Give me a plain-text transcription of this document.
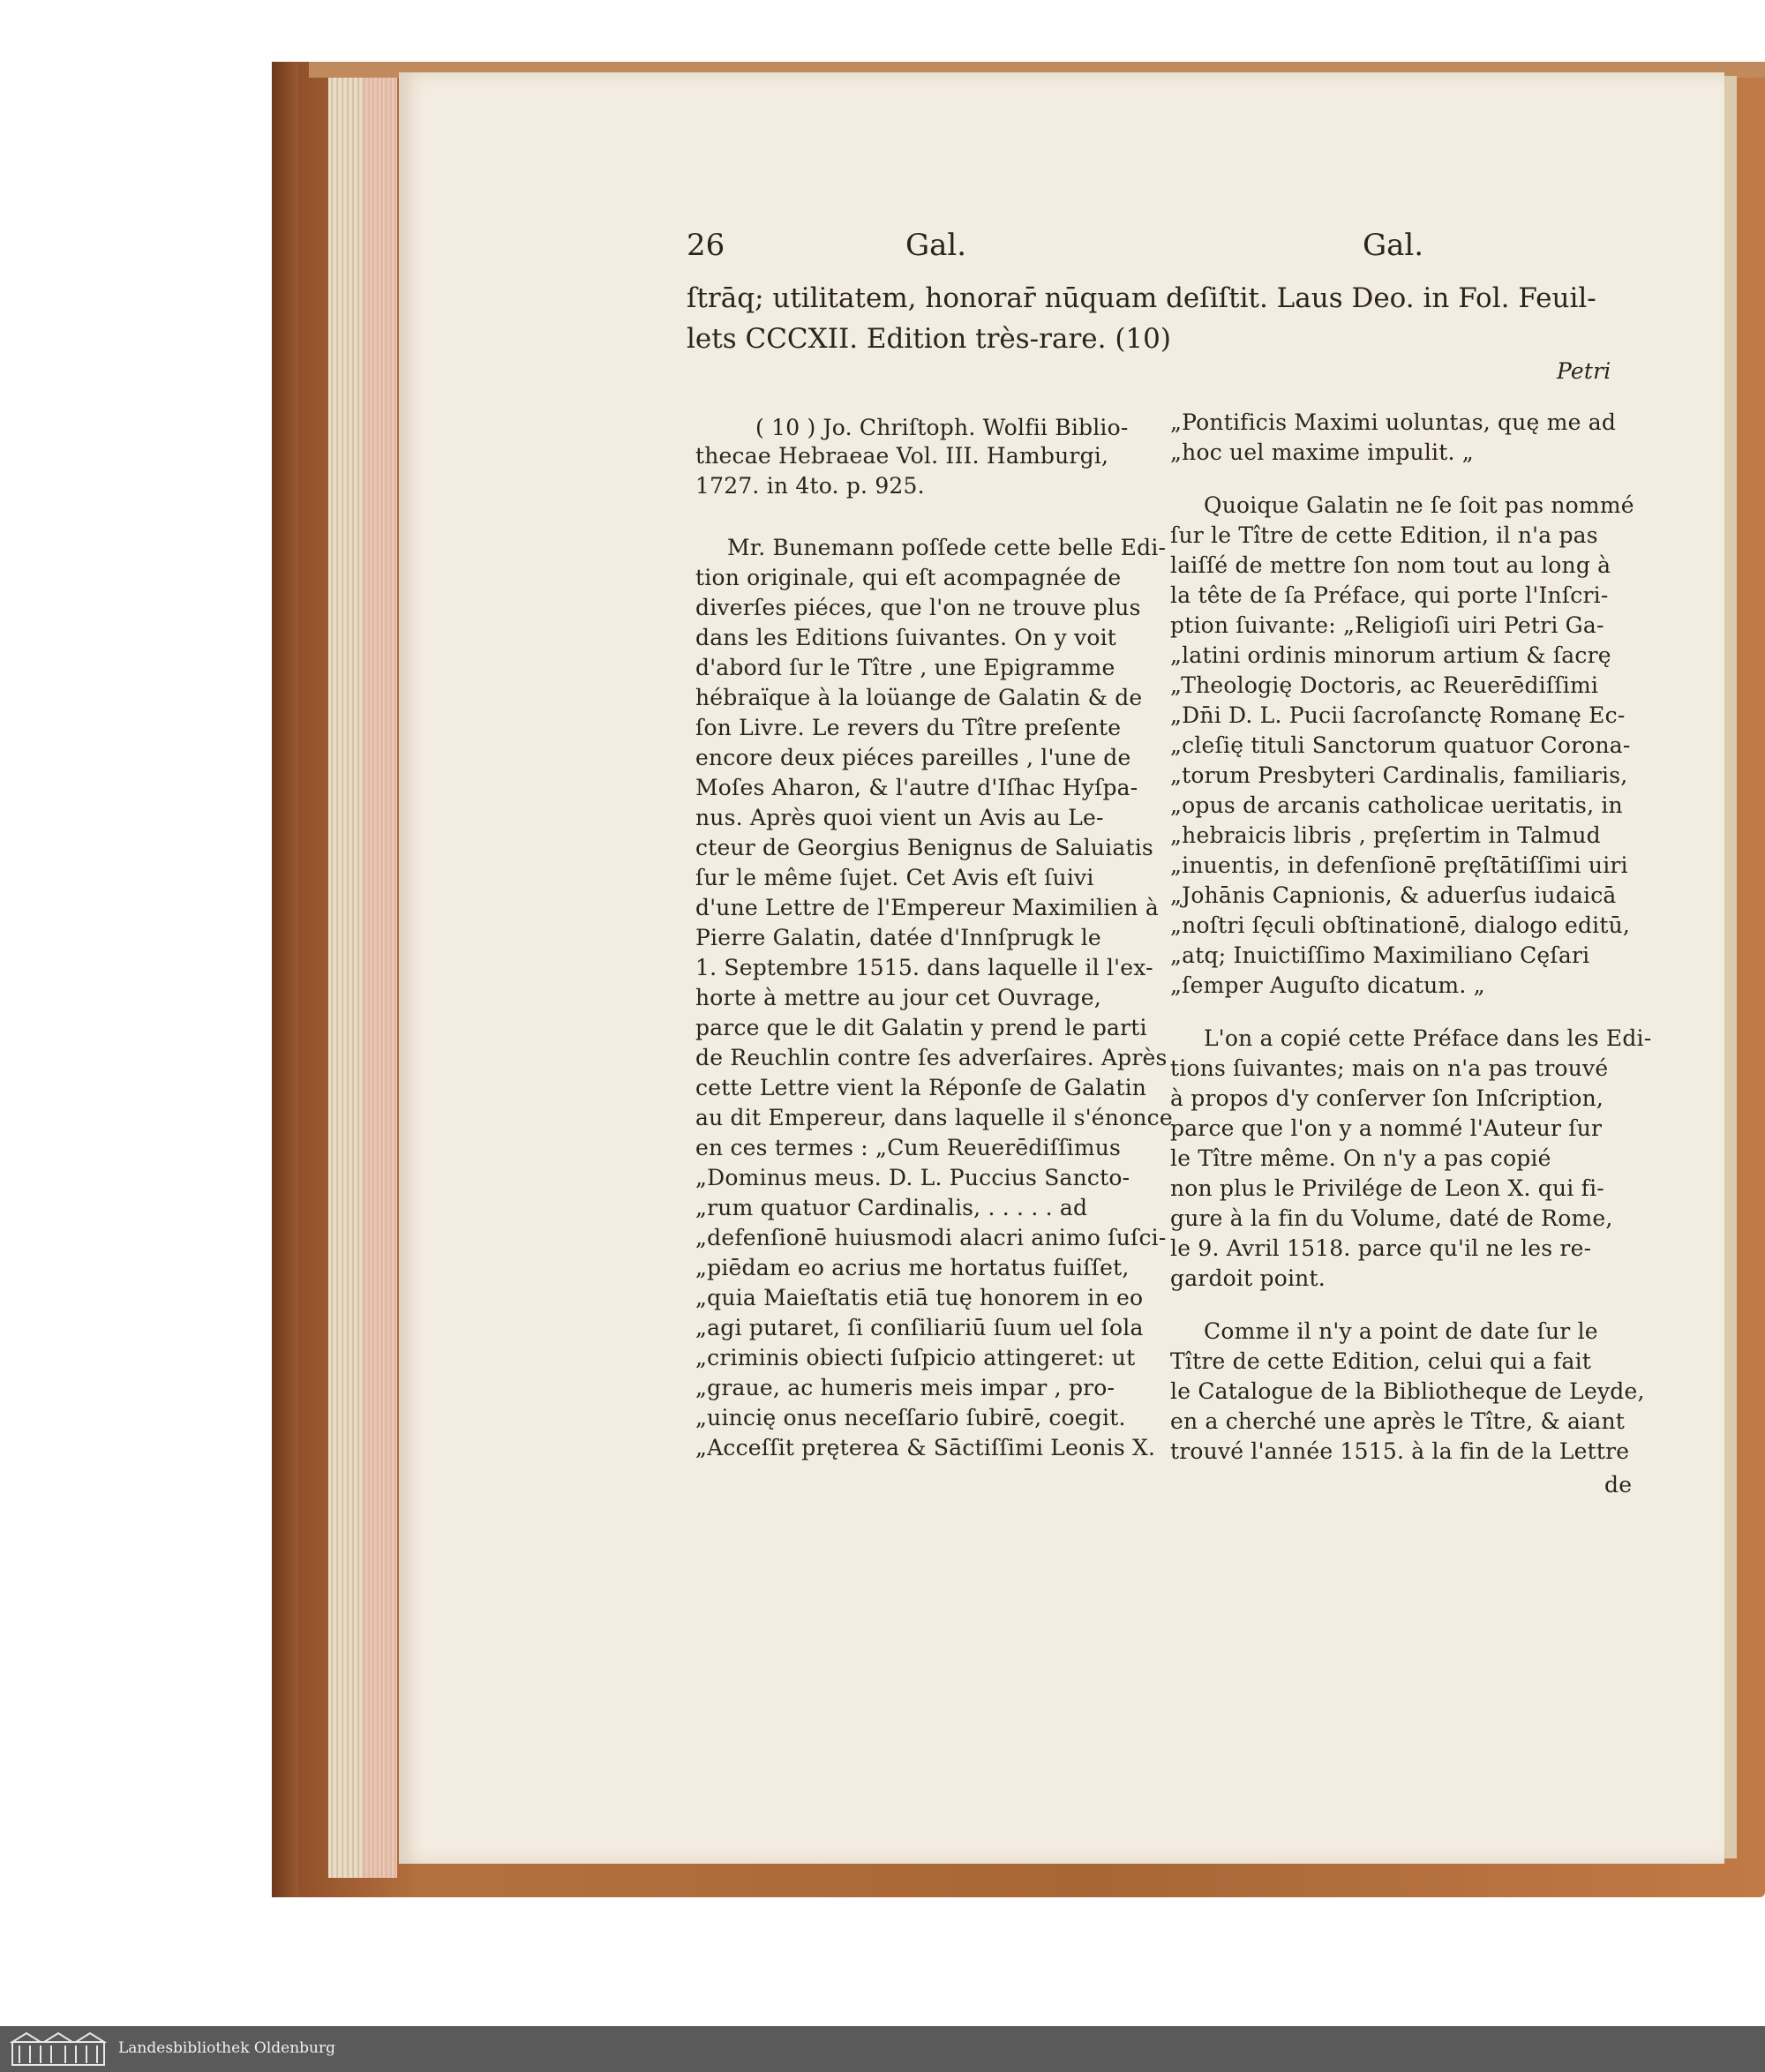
26	Gal.	Gal.
ſtrāq; utilitatem, honorar̄ nūquam deſiſtit. Laus Deo. in Fol. Feuil-
lets CCCXII. Edition très-rare. (10)
Petri
( 10 ) Jo. Chriſtoph. Wolfii Biblio-
thecae Hebraeae Vol. III. Hamburgi,
1727. in 4to. p. 925.
Mr. Bunemann poſſede cette belle Edi-
tion originale, qui eſt acompagnée de
diverſes piéces, que l'on ne trouve plus
dans les Editions ſuivantes. On y voit
d'abord ſur le Tître , une Epigramme
hébraïque à la loüange de Galatin & de
ſon Livre. Le revers du Tître preſente
encore deux piéces pareilles , l'une de
Moſes Aharon, & l'autre d'Iſhac Hyſpa-
nus. Après quoi vient un Avis au Le-
cteur de Georgius Benignus de Saluiatis
ſur le même ſujet. Cet Avis eſt ſuivi
d'une Lettre de l'Empereur Maximilien à
Pierre Galatin, datée d'Innſprugk le
1. Septembre 1515. dans laquelle il l'ex-
horte à mettre au jour cet Ouvrage,
parce que le dit Galatin y prend le parti
de Reuchlin contre ſes adverſaires. Après
cette Lettre vient la Réponſe de Galatin
au dit Empereur, dans laquelle il s'énonce
en ces termes : „Cum Reuerēdiſſimus
„Dominus meus. D. L. Puccius Sancto-
„rum quatuor Cardinalis, . . . . . ad
„defenſionē huiusmodi alacri animo ſuſci-
„piēdam eo acrius me hortatus fuiſſet,
„quia Maieſtatis etiā tuę honorem in eo
„agi putaret, ſi conſiliariū ſuum uel ſola
„criminis obiecti ſuſpicio attingeret: ut
„graue, ac humeris meis impar , pro-
„uincię onus neceſſario ſubirē, coegit.
„Acceſſit pręterea & Sāctiſſimi Leonis X.
„Pontificis Maximi uoluntas, quę me ad
„hoc uel maxime impulit. „
Quoique Galatin ne ſe ſoit pas nommé
ſur le Tître de cette Edition, il n'a pas
laiſſé de mettre ſon nom tout au long à
la tête de ſa Préface, qui porte l'Inſcri-
ption ſuivante: „Religioſi uiri Petri Ga-
„latini ordinis minorum artium & ſacrę
„Theologię Doctoris, ac Reuerēdiſſimi
„Dn̄i D. L. Pucii ſacroſanctę Romanę Ec-
„cleſię tituli Sanctorum quatuor Corona-
„torum Presbyteri Cardinalis, familiaris,
„opus de arcanis catholicae ueritatis, in
„hebraicis libris , pręſertim in Talmud
„inuentis, in defenſionē pręſtātiſſimi uiri
„Johānis Capnionis, & aduerſus iudaicā
„noſtri ſęculi obſtinationē, dialogo editū,
„atq; Inuictiſſimo Maximiliano Cęſari
„ſemper Auguſto dicatum. „
L'on a copié cette Préface dans les Edi-
tions ſuivantes; mais on n'a pas trouvé
à propos d'y conſerver ſon Inſcription,
parce que l'on y a nommé l'Auteur ſur
le Tître même. On n'y a pas copié
non plus le Privilége de Leon X. qui fi-
gure à la fin du Volume, daté de Rome,
le 9. Avril 1518. parce qu'il ne les re-
gardoit point.
Comme il n'y a point de date ſur le
Tître de cette Edition, celui qui a fait
le Catalogue de la Bibliotheque de Leyde,
en a cherché une après le Tître, & aiant
trouvé l'année 1515. à la fin de la Lettre
de
Landesbibliothek Oldenburg
